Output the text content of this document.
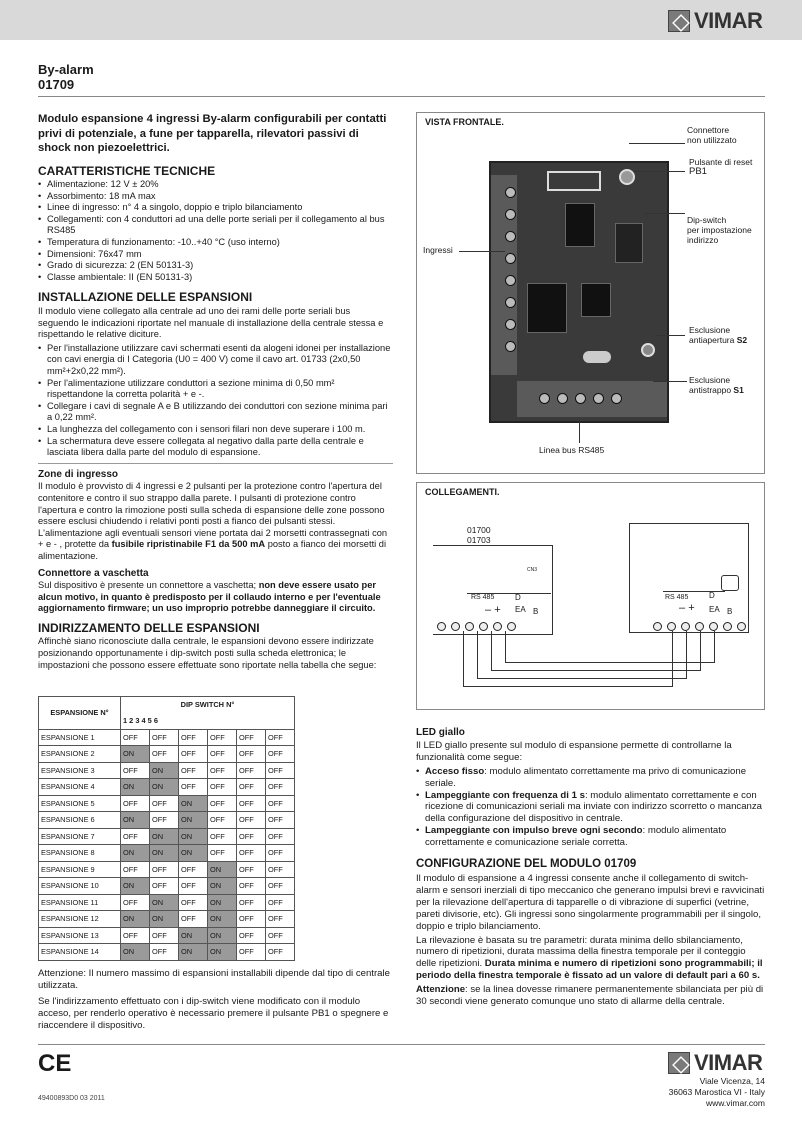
VIMAR
By-alarm
01709
Modulo espansione 4 ingressi By-alarm configurabili per contatti privi di potenziale, a fune per tapparella, rilevatori passivi di shock non piezoelettrici.
CARATTERISTICHE TECNICHE
• Alimentazione: 12 V ± 20%
• Assorbimento: 18 mA max
• Linee di ingresso: n° 4 a singolo, doppio e triplo bilanciamento
• Collegamenti: con 4 conduttori ad una delle porte seriali per il collegamento al bus RS485
• Temperatura di funzionamento: -10..+40 °C (uso interno)
• Dimensioni: 76x47 mm
• Grado di sicurezza: 2 (EN 50131-3)
• Classe ambientale: II (EN 50131-3)
INSTALLAZIONE DELLE ESPANSIONI

Il modulo viene collegato alla centrale ad uno dei rami delle porte seriali bus seguendo le indicazioni riportate nel manuale di installazione della centrale stessa e rispettando le relative diciture.

• Per l'installazione utilizzare cavi schermati esenti da alogeni idonei per installazione con cavi energia di I Categoria (U0 = 400 V) come il cavo art. 01733 (2x0,50 mm²+2x0,22 mm²).
• Per l'alimentazione utilizzare conduttori a sezione minima di 0,50 mm² rispettandone la corretta polarità + e -.
• Collegare i cavi di segnale A e B utilizzando dei conduttori con sezione minima pari a 0,22 mm².
• La lunghezza del collegamento con i sensori filari non deve superare i 100 m.
• La schermatura deve essere collegata al negativo dalla parte della centrale e lasciata libera dalla parte del modulo di espansione.
Zone di ingresso

Il modulo è provvisto di 4 ingressi e 2 pulsanti per la protezione contro l'apertura del contenitore e contro il suo strappo dalla parete. I pulsanti di protezione contro l'apertura e contro la rimozione posti sulla scheda di espansione delle zone possono essere esclusi chiudendo i relativi ponti posti a fianco dei pulsanti stessi. L'alimentazione agli eventuali sensori viene portata dai 2 morsetti contrassegnati con + e - , protette da fusibile ripristinabile F1 da 500 mA posto a fianco dei morsetti di alimentazione.

Connettore a vaschetta

Sul dispositivo è presente un connettore a vaschetta; non deve essere usato per alcun motivo, in quanto è predisposto per il collaudo interno e per l'eventuale aggiornamento firmware; un uso improprio potrebbe danneggiare il circuito.

INDIRIZZAMENTO DELLE ESPANSIONI

Affinchè siano riconosciute dalla centrale, le espansioni devono essere indirizzate posizionando opportunamente i dip-switch posti sulla scheda elettronica; le impostazioni che possono essere effettuate sono riportate nella tabella che segue:

ESPANSIONE N°	DIP SWITCH N°					
	1 2 3 4 5 6					
ESPANSIONE 1	OFF	OFF	OFF	OFF	OFF	OFF
ESPANSIONE 2	ON	OFF	OFF	OFF	OFF	OFF
ESPANSIONE 3	OFF	ON	OFF	OFF	OFF	OFF
ESPANSIONE 4	ON	ON	OFF	OFF	OFF	OFF
ESPANSIONE 5	OFF	OFF	ON	OFF	OFF	OFF
ESPANSIONE 6	ON	OFF	ON	OFF	OFF	OFF
ESPANSIONE 7	OFF	ON	ON	OFF	OFF	OFF
ESPANSIONE 8	ON	ON	ON	OFF	OFF	OFF
ESPANSIONE 9	OFF	OFF	OFF	ON	OFF	OFF
ESPANSIONE 10	ON	OFF	OFF	ON	OFF	OFF
ESPANSIONE 11	OFF	ON	OFF	ON	OFF	OFF
ESPANSIONE 12	ON	ON	OFF	ON	OFF	OFF
ESPANSIONE 13	OFF	OFF	ON	ON	OFF	OFF
ESPANSIONE 14	ON	OFF	ON	ON	OFF	OFF

Attenzione: Il numero massimo di espansioni installabili dipende dal tipo di centrale utilizzata.

Se l'indirizzamento effettuato con i dip-switch viene modificato con il modulo acceso, per renderlo operativo è necessario premere il pulsante PB1 o spegnere e riaccendere il dispositivo.

VISTA FRONTALE.
Connettore
non utilizzato
Pulsante di reset
PB1
Dip-switch
per impostazione
indirizzo
Ingressi
Esclusione
antiapertura S2
Esclusione
antistrappo S1
Linea bus RS485
COLLEGAMENTI.
01700
01703
CN3
RS 485	D
– + EA B
RS 485	D
– + EA B
LED giallo

Il LED giallo presente sul modulo di espansione permette di controllarne la funzionalità come segue:

• Acceso fisso: modulo alimentato correttamente ma privo di comunicazione seriale.
• Lampeggiante con frequenza di 1 s: modulo alimentato correttamente e con ricezione di comunicazioni seriali ma inviate con indirizzo scorretto o mancanza della configurazione del dispositivo in centrale.
• Lampeggiante con impulso breve ogni secondo: modulo alimentato correttamente e comunicazione seriale corretta.
CONFIGURAZIONE DEL MODULO 01709

Il modulo di espansione a 4 ingressi consente anche il collegamento di switch-alarm e sensori inerziali di tipo meccanico che generano impulsi brevi e ravvicinati per la rilevazione dell'apertura di tapparelle o di vibrazione di superfici (vetrine, pareti divisorie, etc). Gli ingressi sono singolarmente programmabili per il singolo, doppio e triplo bilanciamento.

La rilevazione è basata su tre parametri: durata minima dello sbilanciamento, numero di ripetizioni, durata massima della finestra temporale per il conteggio delle ripetizioni. Durata minima e numero di ripetizioni sono programmabili; il periodo della finestra temporale è fissato ad un valore di default pari a 60 s.

Attenzione: se la linea dovesse rimanere permanentemente sbilanciata per più di 30 secondi viene generato comunque uno stato di allarme della centrale.

CE
49400893D0 03 2011
VIMAR
Viale Vicenza, 14
36063 Marostica VI - Italy
www.vimar.com
